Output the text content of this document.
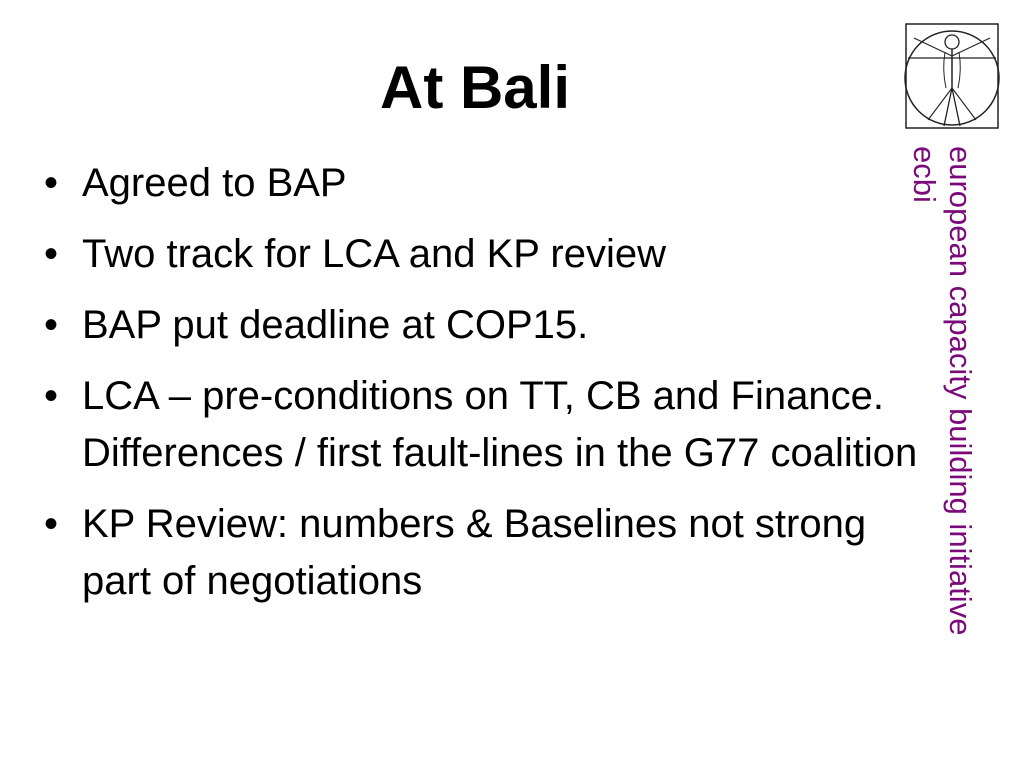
At Bali
• Agreed to BAP
• Two track for LCA and KP review
• BAP put deadline at COP15.
• LCA – pre-conditions on TT, CB and Finance. Differences / first fault-lines in the G77 coalition
• KP Review: numbers & Baselines not strong part of negotiations	european capacity building initiative
ecbi
